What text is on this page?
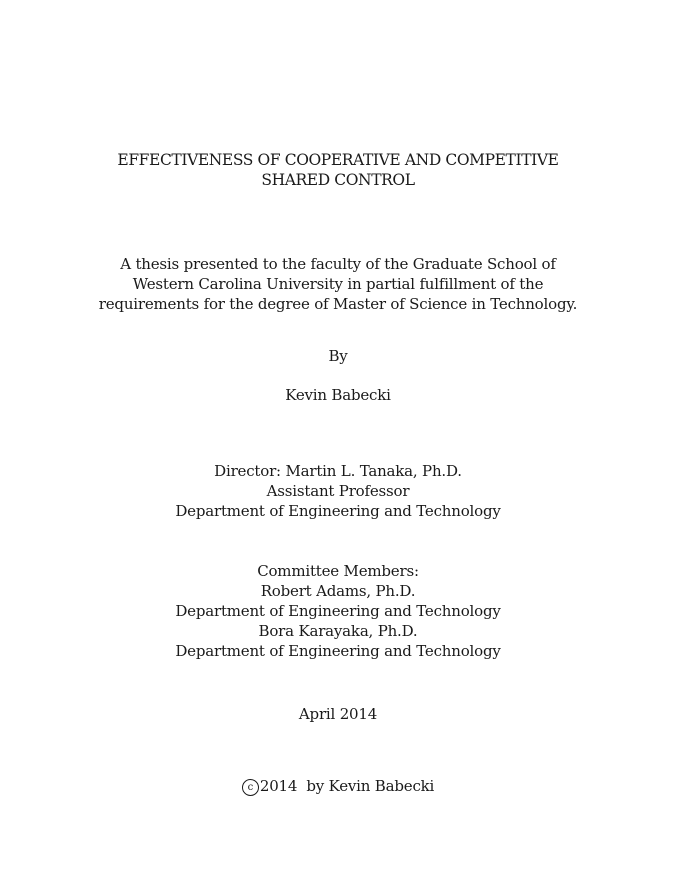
EFFECTIVENESS OF COOPERATIVE AND COMPETITIVE
SHARED CONTROL
A thesis presented to the faculty of the Graduate School of
Western Carolina University in partial fulfillment of the
requirements for the degree of Master of Science in Technology.
By
Kevin Babecki
Director: Martin L. Tanaka, Ph.D.
Assistant Professor
Department of Engineering and Technology
Committee Members:
Robert Adams, Ph.D.
Department of Engineering and Technology
Bora Karayaka, Ph.D.
Department of Engineering and Technology
April 2014
c 2014  by Kevin Babecki
